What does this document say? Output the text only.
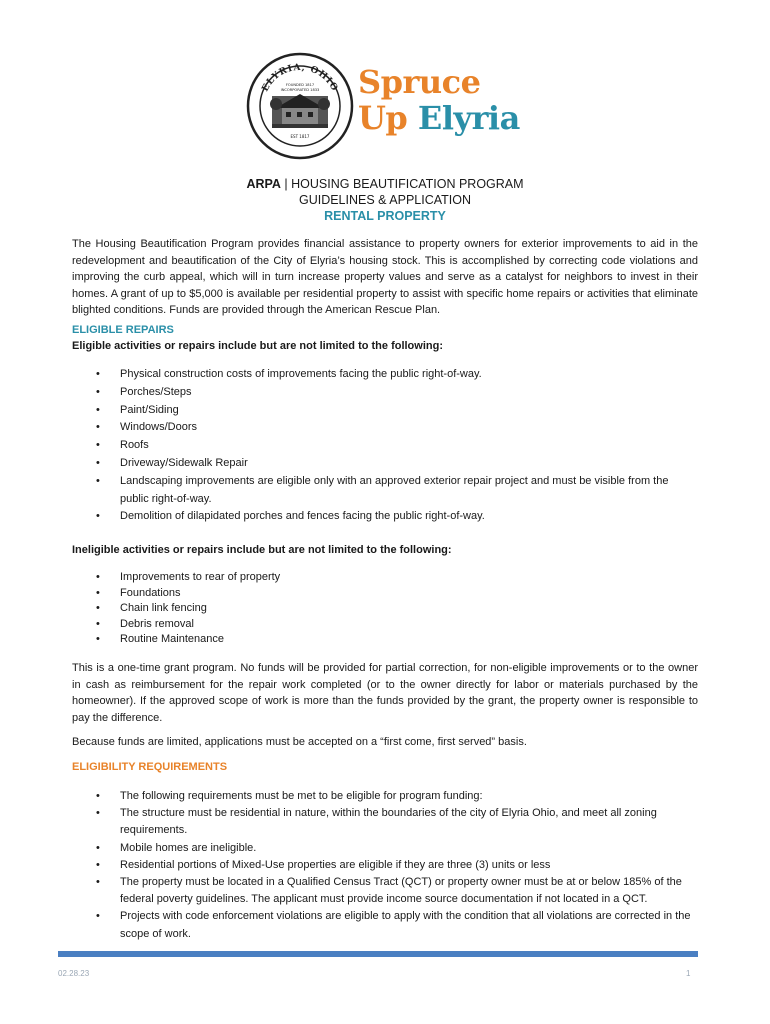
ELYRIA, OHIO
FOUNDED 1817
INCORPORATED 1833
EST 1817
Spruce
Up Elyria
ARPA | HOUSING BEAUTIFICATION PROGRAM
GUIDELINES & APPLICATION
RENTAL PROPERTY
The Housing Beautification Program provides financial assistance to property owners for exterior improvements to aid in the redevelopment and beautification of the City of Elyria’s housing stock. This is accomplished by correcting code violations and improving the curb appeal, which will in turn increase property values and serve as a catalyst for neighbors to invest in their homes. A grant of up to $5,000 is available per residential property to assist with specific home repairs or activities that eliminate blighted conditions. Funds are provided through the American Rescue Plan.
ELIGIBLE REPAIRS
Eligible activities or repairs include but are not limited to the following:
• Physical construction costs of improvements facing the public right-of-way.
• Porches/Steps
• Paint/Siding
• Windows/Doors
• Roofs
• Driveway/Sidewalk Repair
• Landscaping improvements are eligible only with an approved exterior repair project and must be visible from the public right-of-way.
• Demolition of dilapidated porches and fences facing the public right-of-way.
Ineligible activities or repairs include but are not limited to the following:
• Improvements to rear of property
• Foundations
• Chain link fencing
• Debris removal
• Routine Maintenance
This is a one-time grant program. No funds will be provided for partial correction, for non-eligible improvements or to the owner in cash as reimbursement for the repair work completed (or to the owner directly for labor or materials purchased by the homeowner). If the approved scope of work is more than the funds provided by the grant, the property owner is responsible to pay the difference.
Because funds are limited, applications must be accepted on a “first come, first served” basis.
ELIGIBILITY REQUIREMENTS
• The following requirements must be met to be eligible for program funding:
• The structure must be residential in nature, within the boundaries of the city of Elyria Ohio, and meet all zoning requirements.
• Mobile homes are ineligible.
• Residential portions of Mixed-Use properties are eligible if they are three (3) units or less
• The property must be located in a Qualified Census Tract (QCT) or property owner must be at or below 185% of the federal poverty guidelines. The applicant must provide income source documentation if not located in a QCT.
• Projects with code enforcement violations are eligible to apply with the condition that all violations are corrected in the scope of work.
02.28.23	1
